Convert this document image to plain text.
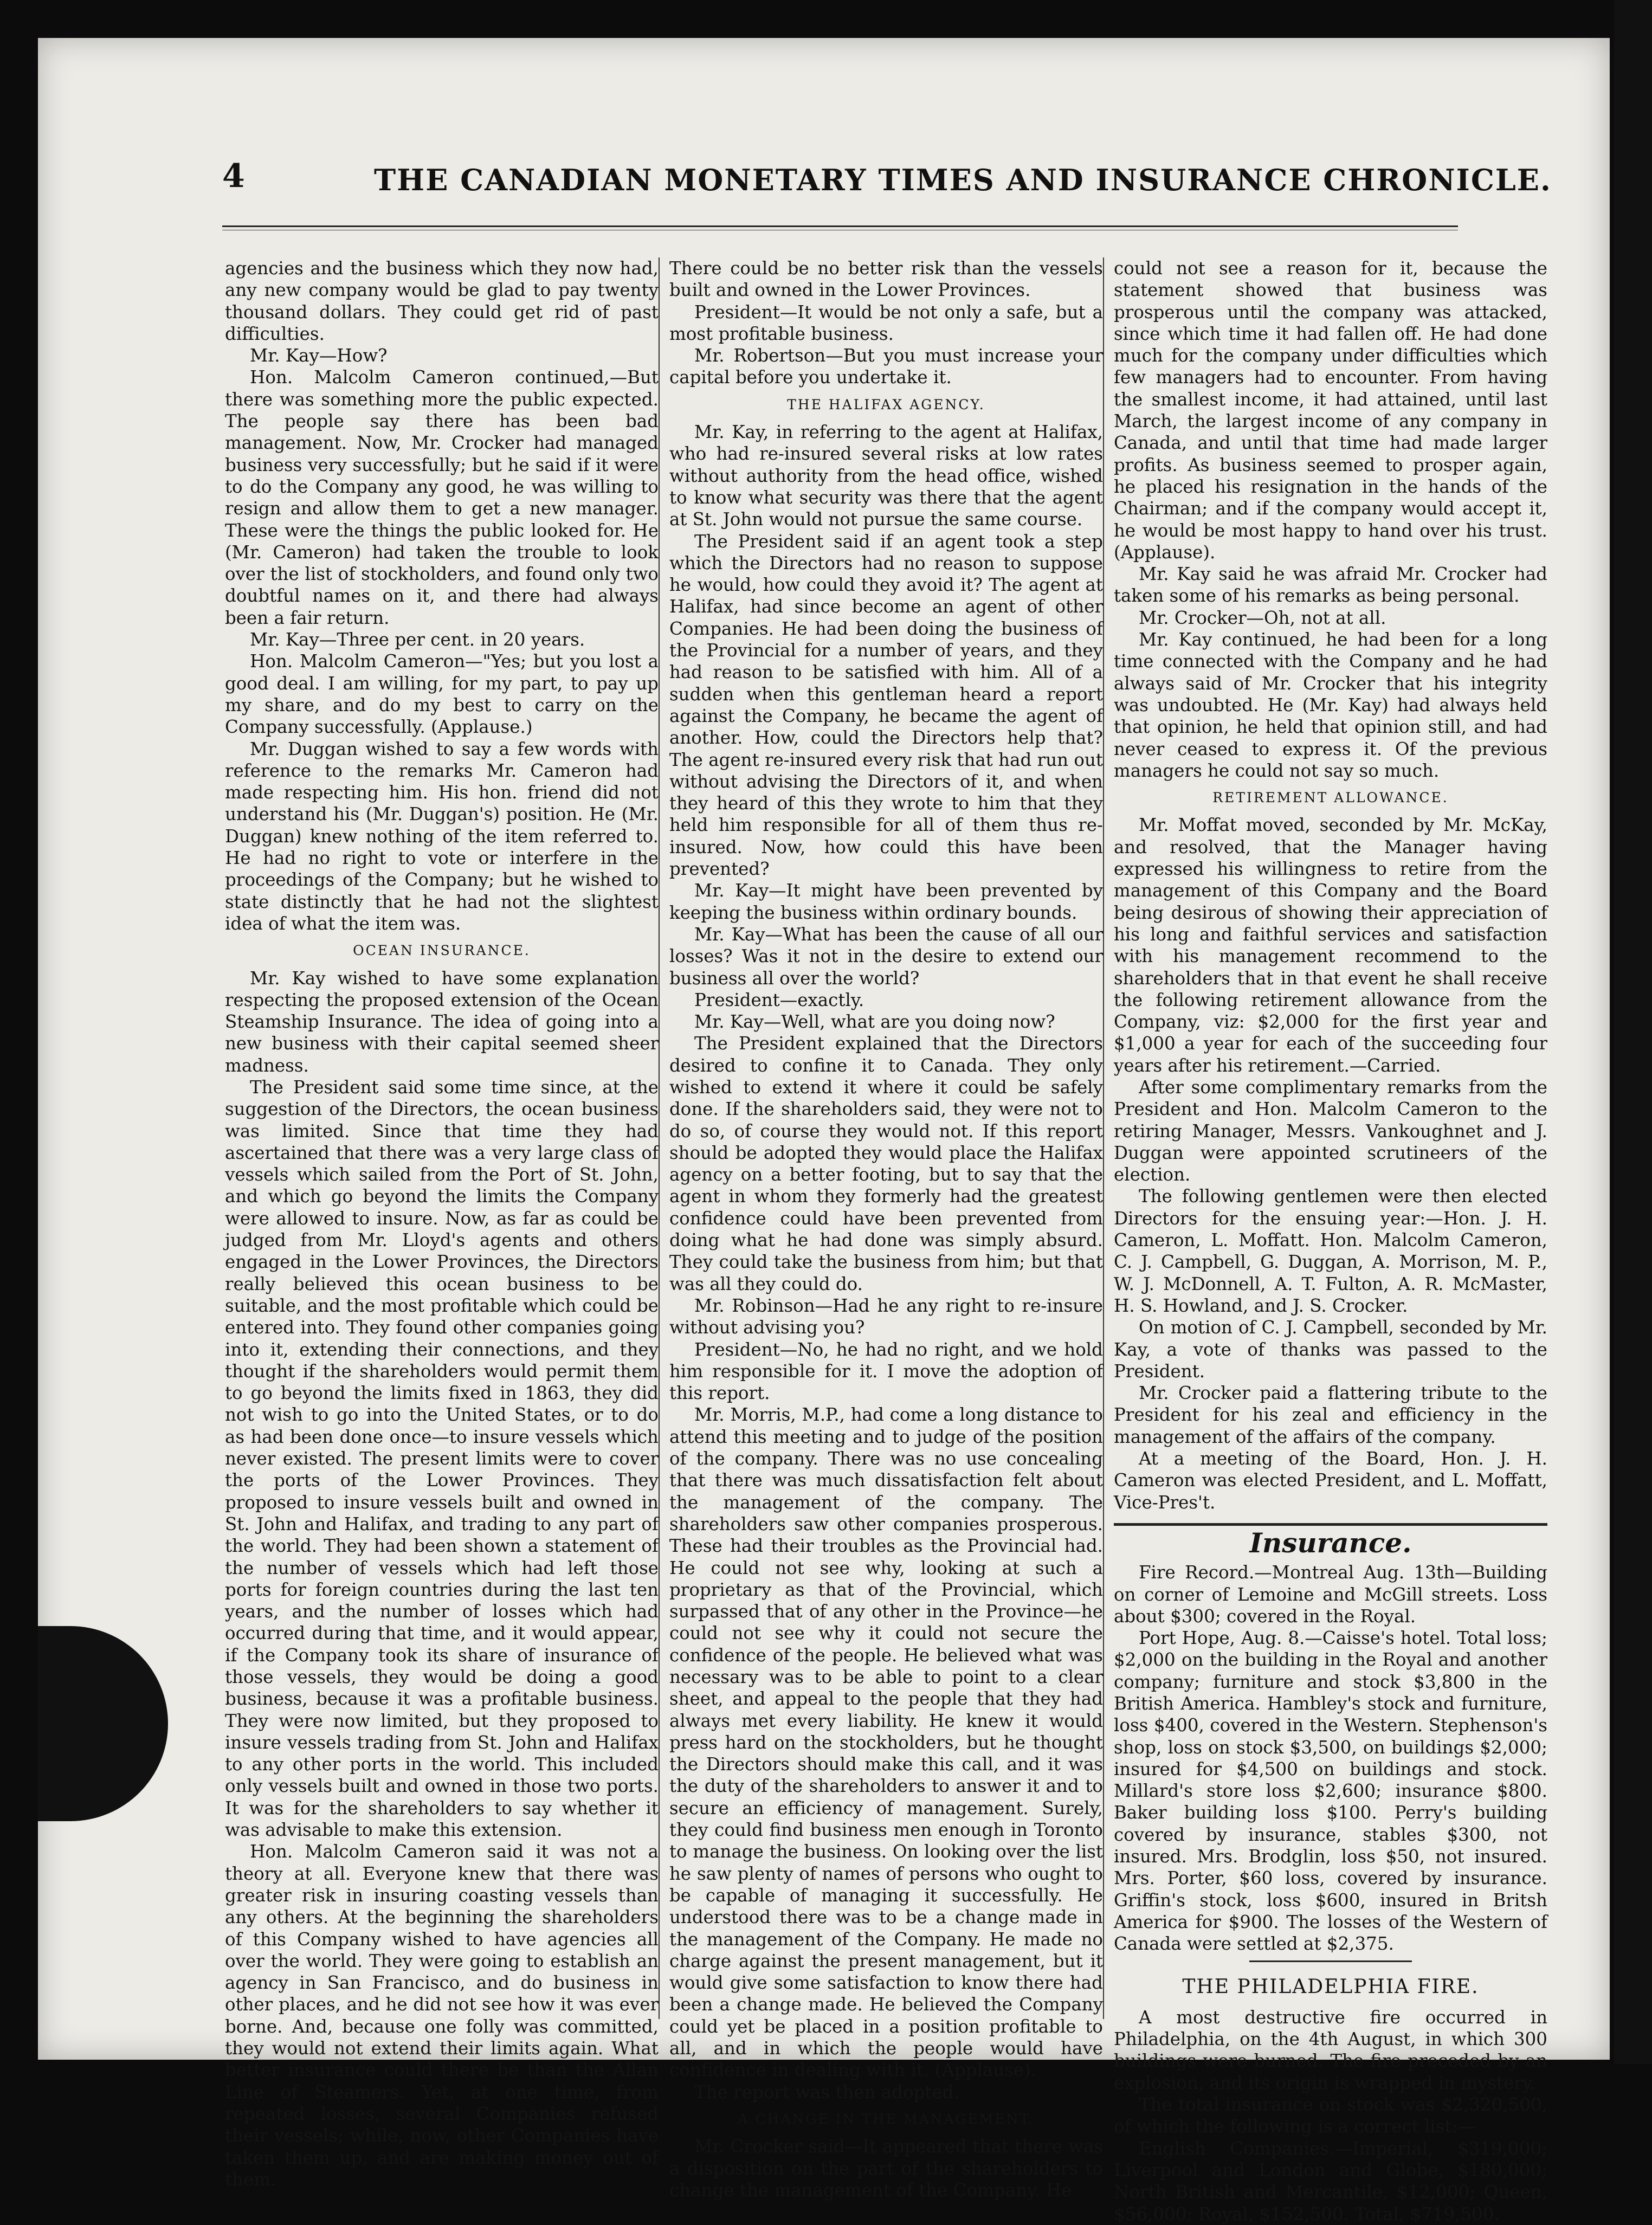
4	THE CANADIAN MONETARY TIMES AND INSURANCE CHRONICLE.

agencies and the business which they now had, any new company would be glad to pay twenty thousand dollars. They could get rid of past difficulties.

Mr. Kay—How?

Hon. Malcolm Cameron continued,—But there was something more the public expected. The people say there has been bad management. Now, Mr. Crocker had managed business very successfully; but he said if it were to do the Company any good, he was willing to resign and allow them to get a new manager. These were the things the public looked for. He (Mr. Cameron) had taken the trouble to look over the list of stockholders, and found only two doubtful names on it, and there had always been a fair return.

Mr. Kay—Three per cent. in 20 years.

Hon. Malcolm Cameron—"Yes; but you lost a good deal. I am willing, for my part, to pay up my share, and do my best to carry on the Company successfully. (Applause.)

Mr. Duggan wished to say a few words with reference to the remarks Mr. Cameron had made respecting him. His hon. friend did not understand his (Mr. Duggan's) position. He (Mr. Duggan) knew nothing of the item referred to. He had no right to vote or interfere in the proceedings of the Company; but he wished to state distinctly that he had not the slightest idea of what the item was.

OCEAN INSURANCE.

Mr. Kay wished to have some explanation respecting the proposed extension of the Ocean Steamship Insurance. The idea of going into a new business with their capital seemed sheer madness.

The President said some time since, at the suggestion of the Directors, the ocean business was limited. Since that time they had ascertained that there was a very large class of vessels which sailed from the Port of St. John, and which go beyond the limits the Company were allowed to insure. Now, as far as could be judged from Mr. Lloyd's agents and others engaged in the Lower Provinces, the Directors really believed this ocean business to be suitable, and the most profitable which could be entered into. They found other companies going into it, extending their connections, and they thought if the shareholders would permit them to go beyond the limits fixed in 1863, they did not wish to go into the United States, or to do as had been done once—to insure vessels which never existed. The present limits were to cover the ports of the Lower Provinces. They proposed to insure vessels built and owned in St. John and Halifax, and trading to any part of the world. They had been shown a statement of the number of vessels which had left those ports for foreign countries during the last ten years, and the number of losses which had occurred during that time, and it would appear, if the Company took its share of insurance of those vessels, they would be doing a good business, because it was a profitable business. They were now limited, but they proposed to insure vessels trading from St. John and Halifax to any other ports in the world. This included only vessels built and owned in those two ports. It was for the shareholders to say whether it was advisable to make this extension.

Hon. Malcolm Cameron said it was not a theory at all. Everyone knew that there was greater risk in insuring coasting vessels than any others. At the beginning the shareholders of this Company wished to have agencies all over the world. They were going to establish an agency in San Francisco, and do business in other places, and he did not see how it was ever borne. And, because one folly was committed, they would not extend their limits again. What better insurance could there be than the Allan Line of Steamers. Yet, at one time, from repeated losses, several Companies refused their vessels; while, now, other Companies have taken them up, and are making money out of them.

There could be no better risk than the vessels built and owned in the Lower Provinces.

President—It would be not only a safe, but a most profitable business.

Mr. Robertson—But you must increase your capital before you undertake it.

THE HALIFAX AGENCY.

Mr. Kay, in referring to the agent at Halifax, who had re-insured several risks at low rates without authority from the head office, wished to know what security was there that the agent at St. John would not pursue the same course.

The President said if an agent took a step which the Directors had no reason to suppose he would, how could they avoid it? The agent at Halifax, had since become an agent of other Companies. He had been doing the business of the Provincial for a number of years, and they had reason to be satisfied with him. All of a sudden when this gentleman heard a report against the Company, he became the agent of another. How, could the Directors help that? The agent re-insured every risk that had run out without advising the Directors of it, and when they heard of this they wrote to him that they held him responsible for all of them thus re-insured. Now, how could this have been prevented?

Mr. Kay—It might have been prevented by keeping the business within ordinary bounds.

Mr. Kay—What has been the cause of all our losses? Was it not in the desire to extend our business all over the world?

President—exactly.

Mr. Kay—Well, what are you doing now?

The President explained that the Directors desired to confine it to Canada. They only wished to extend it where it could be safely done. If the shareholders said, they were not to do so, of course they would not. If this report should be adopted they would place the Halifax agency on a better footing, but to say that the agent in whom they formerly had the greatest confidence could have been prevented from doing what he had done was simply absurd. They could take the business from him; but that was all they could do.

Mr. Robinson—Had he any right to re-insure without advising you?

President—No, he had no right, and we hold him responsible for it. I move the adoption of this report.

Mr. Morris, M.P., had come a long distance to attend this meeting and to judge of the position of the company. There was no use concealing that there was much dissatisfaction felt about the management of the company. The shareholders saw other companies prosperous. These had their troubles as the Provincial had. He could not see why, looking at such a proprietary as that of the Provincial, which surpassed that of any other in the Province—he could not see why it could not secure the confidence of the people. He believed what was necessary was to be able to point to a clear sheet, and appeal to the people that they had always met every liability. He knew it would press hard on the stockholders, but he thought the Directors should make this call, and it was the duty of the shareholders to answer it and to secure an efficiency of management. Surely, they could find business men enough in Toronto to manage the business. On looking over the list he saw plenty of names of persons who ought to be capable of managing it successfully. He understood there was to be a change made in the management of the Company. He made no charge against the present management, but it would give some satisfaction to know there had been a change made. He believed the Company could yet be placed in a position profitable to all, and in which the people would have confidence in dealing with it. (Applause).

The report was then adopted.

A CHANGE IN THE MANAGEMENT.

Mr. Crocker said—It appeared that there was a disposition on the part of the shareholders to change the management of the Company. He

could not see a reason for it, because the statement showed that business was prosperous until the company was attacked, since which time it had fallen off. He had done much for the company under difficulties which few managers had to encounter. From having the smallest income, it had attained, until last March, the largest income of any company in Canada, and until that time had made larger profits. As business seemed to prosper again, he placed his resignation in the hands of the Chairman; and if the company would accept it, he would be most happy to hand over his trust. (Applause).

Mr. Kay said he was afraid Mr. Crocker had taken some of his remarks as being personal.

Mr. Crocker—Oh, not at all.

Mr. Kay continued, he had been for a long time connected with the Company and he had always said of Mr. Crocker that his integrity was undoubted. He (Mr. Kay) had always held that opinion, he held that opinion still, and had never ceased to express it. Of the previous managers he could not say so much.

RETIREMENT ALLOWANCE.

Mr. Moffat moved, seconded by Mr. McKay, and resolved, that the Manager having expressed his willingness to retire from the management of this Company and the Board being desirous of showing their appreciation of his long and faithful services and satisfaction with his management recommend to the shareholders that in that event he shall receive the following retirement allowance from the Company, viz: $2,000 for the first year and $1,000 a year for each of the succeeding four years after his retirement.—Carried.

After some complimentary remarks from the President and Hon. Malcolm Cameron to the retiring Manager, Messrs. Vankoughnet and J. Duggan were appointed scrutineers of the election.

The following gentlemen were then elected Directors for the ensuing year:—Hon. J. H. Cameron, L. Moffatt. Hon. Malcolm Cameron, C. J. Campbell, G. Duggan, A. Morrison, M. P., W. J. McDonnell, A. T. Fulton, A. R. McMaster, H. S. Howland, and J. S. Crocker.

On motion of C. J. Campbell, seconded by Mr. Kay, a vote of thanks was passed to the President.

Mr. Crocker paid a flattering tribute to the President for his zeal and efficiency in the management of the affairs of the company.

At a meeting of the Board, Hon. J. H. Cameron was elected President, and L. Moffatt, Vice-Pres't.

Insurance.

Fire Record.—Montreal Aug. 13th—Building on corner of Lemoine and McGill streets. Loss about $300; covered in the Royal.

Port Hope, Aug. 8.—Caisse's hotel. Total loss; $2,000 on the building in the Royal and another company; furniture and stock $3,800 in the British America. Hambley's stock and furniture, loss $400, covered in the Western. Stephenson's shop, loss on stock $3,500, on buildings $2,000; insured for $4,500 on buildings and stock. Millard's store loss $2,600; insurance $800. Baker building loss $100. Perry's building covered by insurance, stables $300, not insured. Mrs. Brodglin, loss $50, not insured. Mrs. Porter, $60 loss, covered by insurance. Griffin's stock, loss $600, insured in Britsh America for $900. The losses of the Western of Canada were settled at $2,375.

THE PHILADELPHIA FIRE.

A most destructive fire occurred in Philadelphia, on the 4th August, in which 300 buildings were burned. The fire preceded by an explosion, and its origin is wrapped in mystery.

The total insurance on stock was $2,320,500, of which the following is a correct list:—

English Companies.—Imperial, $319,000; Liverpool and London and Globe, $180,000; North British and Mercantile, $12,000; Queen, $56,000; Royal, $152,500. Total, $719,500.
